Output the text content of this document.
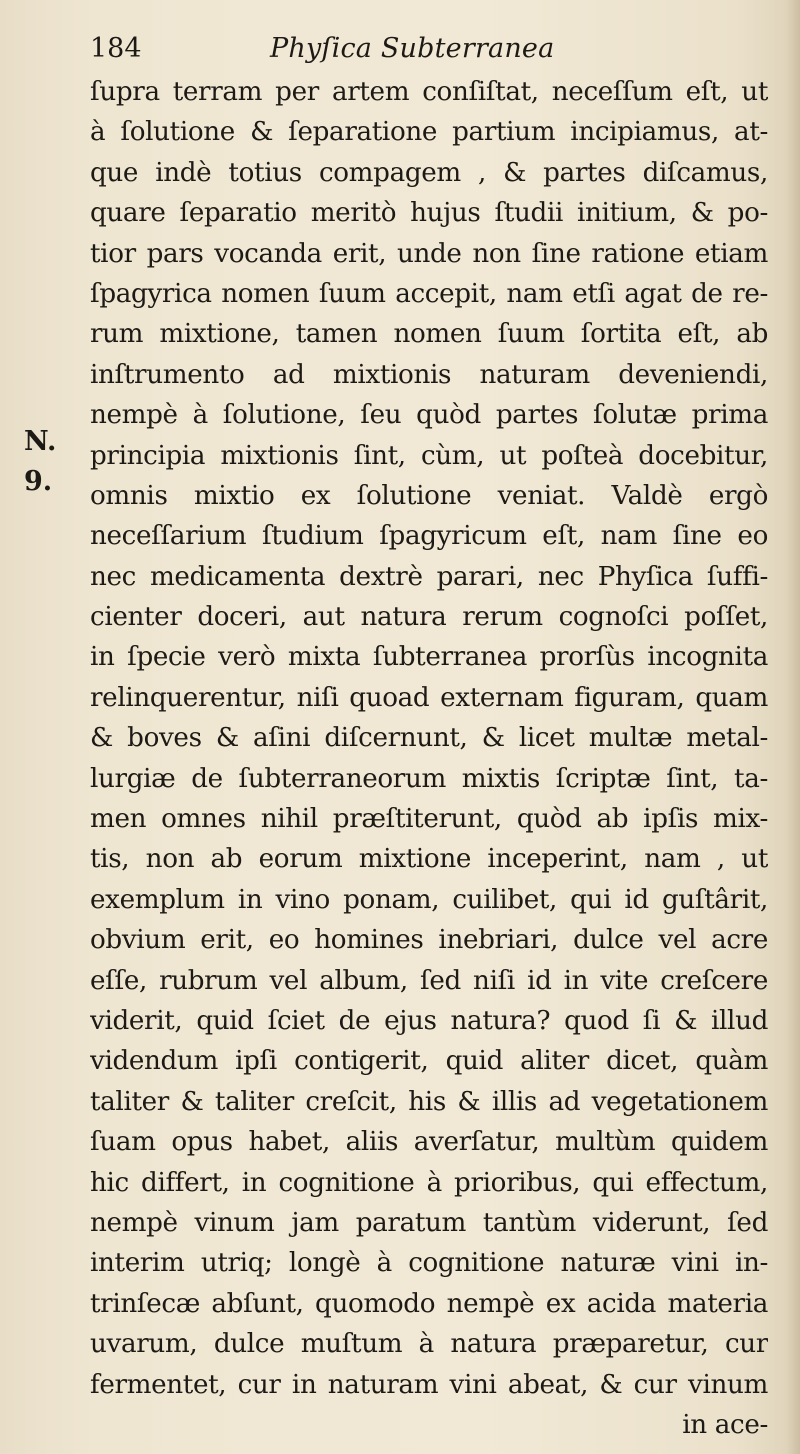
184	Phyſica Subterranea
N.
9.
ſupra terram per artem conſiſtat, neceſſum eſt, ut
à ſolutione & ſeparatione partium incipiamus, at-
que indè totius compagem , & partes diſcamus,
quare ſeparatio meritò hujus ſtudii initium, & po-
tior pars vocanda erit, unde non ſine ratione etiam
ſpagyrica nomen ſuum accepit, nam etſi agat de re-
rum mixtione, tamen nomen ſuum ſortita eſt, ab
inſtrumento ad mixtionis naturam deveniendi,
nempè à ſolutione, ſeu quòd partes ſolutæ prima
principia mixtionis ſint, cùm, ut poſteà docebitur,
omnis mixtio ex ſolutione veniat. Valdè ergò
neceſſarium ſtudium ſpagyricum eſt, nam ſine eo
nec medicamenta dextrè parari, nec Phyſica ſuffi-
cienter doceri, aut natura rerum cognoſci poſſet,
in ſpecie verò mixta ſubterranea prorſùs incognita
relinquerentur, niſi quoad externam figuram, quam
& boves & aſini diſcernunt, & licet multæ metal-
lurgiæ de ſubterraneorum mixtis ſcriptæ ſint, ta-
men omnes nihil præſtiterunt, quòd ab ipſis mix-
tis, non ab eorum mixtione inceperint, nam , ut
exemplum in vino ponam, cuilibet, qui id guſtârit,
obvium erit, eo homines inebriari, dulce vel acre
eſſe, rubrum vel album, ſed niſi id in vite creſcere
viderit, quid ſciet de ejus natura? quod ſi & illud
videndum ipſi contigerit, quid aliter dicet, quàm
taliter & taliter creſcit, his & illis ad vegetationem
ſuam opus habet, aliis averſatur, multùm quidem
hic differt, in cognitione à prioribus, qui effectum,
nempè vinum jam paratum tantùm viderunt, ſed
interim utriq; longè à cognitione naturæ vini in-
trinſecæ abſunt, quomodo nempè ex acida materia
uvarum, dulce muſtum à natura præparetur, cur
fermentet, cur in naturam vini abeat, & cur vinum
in ace-
